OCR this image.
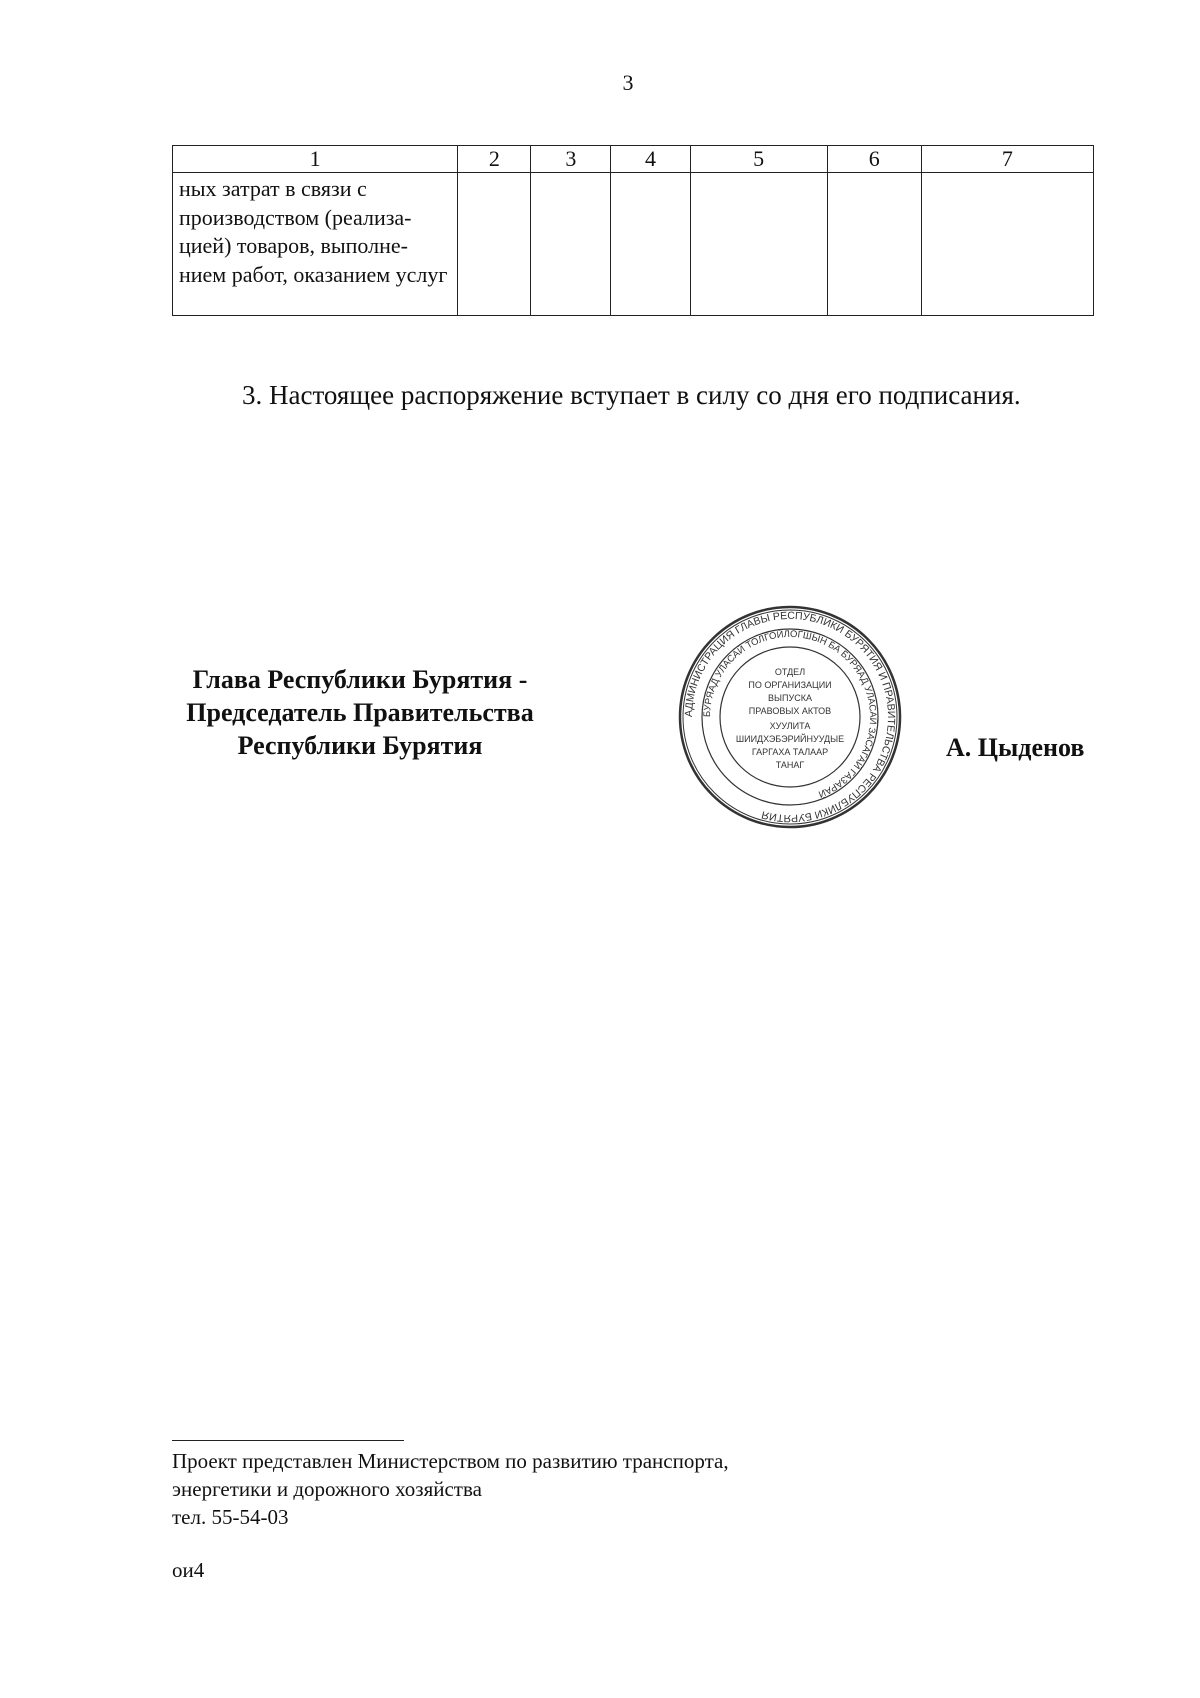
3
1	2	3	4	5	6	7
ных затрат в связи с производством (реализа-цией) товаров, выполне-нием работ, оказанием услуг						
3. Настоящее распоряжение вступает в силу со дня его подписания.
Глава Республики Бурятия -
Председатель Правительства
Республики Бурятия
АДМИНИСТРАЦИЯ ГЛАВЫ РЕСПУБЛИКИ БУРЯТИЯ И ПРАВИТЕЛЬСТВА РЕСПУБЛИКИ БУРЯТИЯ
БУРЯАД УЛАСАЙ ТОЛГОЙЛОГШЫН БА БУРЯАД УЛАСАЙ ЗАСАГАЙ ГАЗАРАЙ
ОТДЕЛ
ПО ОРГАНИЗАЦИИ
ВЫПУСКА
ПРАВОВЫХ АКТОВ
ХУУЛИТА
ШИИДХЭБЭРИЙНУУДЫЕ
ГАРГАХА ТАЛААР
ТАНАГ
А. Цыденов
Проект представлен Министерством по развитию транспорта,
энергетики и дорожного хозяйства
тел. 55-54-03
ои4
